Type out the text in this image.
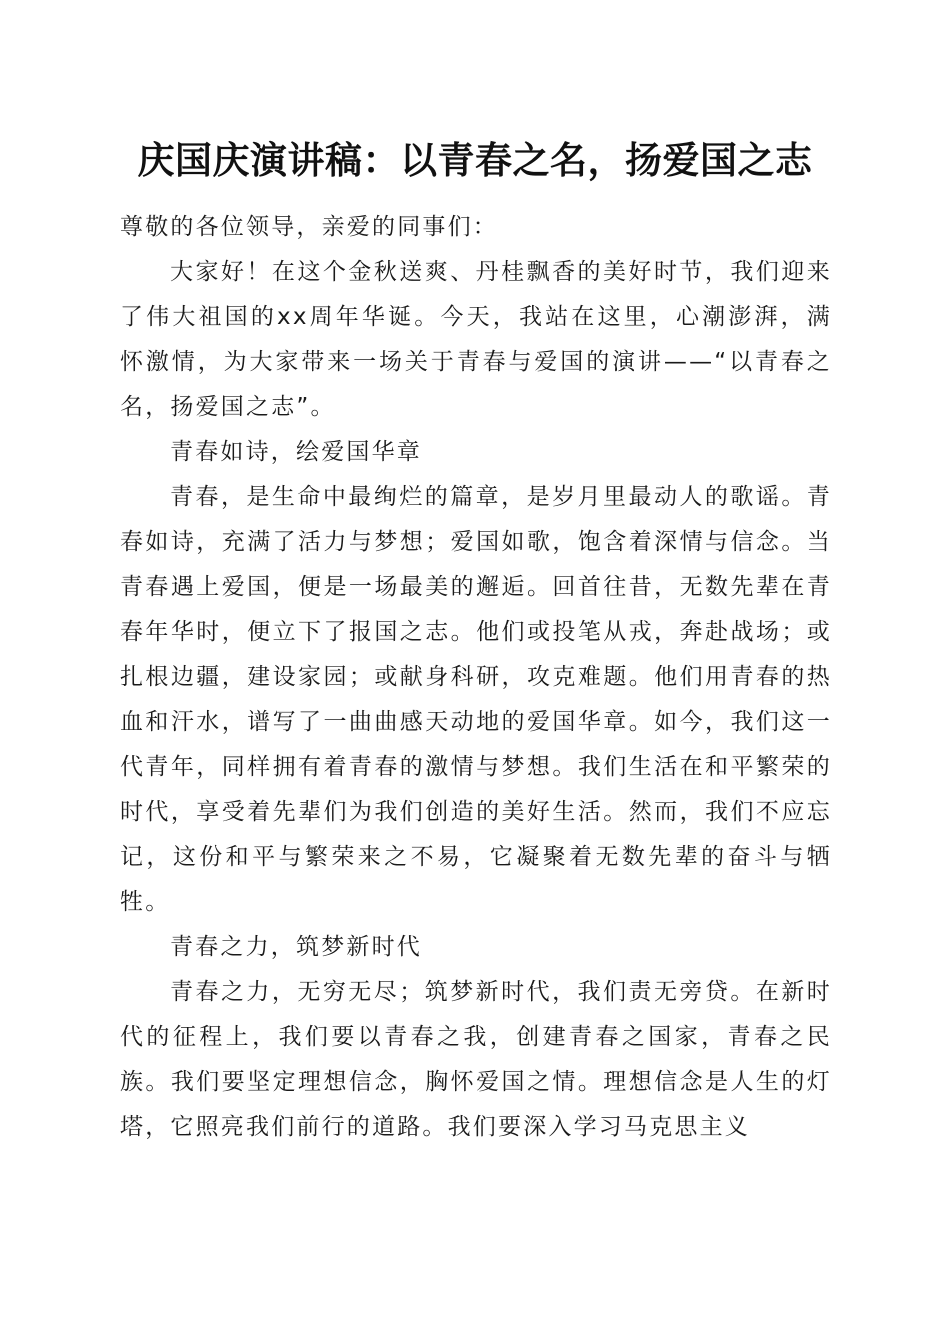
庆国庆演讲稿：以青春之名，扬爱国之志

尊敬的各位领导，亲爱的同事们：

大家好！在这个金秋送爽、丹桂飘香的美好时节，我们迎来了伟大祖国的xx周年华诞。今天，我站在这里，心潮澎湃，满怀激情，为大家带来一场关于青春与爱国的演讲——“以青春之名，扬爱国之志”。

青春如诗，绘爱国华章

青春，是生命中最绚烂的篇章，是岁月里最动人的歌谣。青春如诗，充满了活力与梦想；爱国如歌，饱含着深情与信念。当青春遇上爱国，便是一场最美的邂逅。回首往昔，无数先辈在青春年华时，便立下了报国之志。他们或投笔从戎，奔赴战场；或扎根边疆，建设家园；或献身科研，攻克难题。他们用青春的热血和汗水，谱写了一曲曲感天动地的爱国华章。如今，我们这一代青年，同样拥有着青春的激情与梦想。我们生活在和平繁荣的时代，享受着先辈们为我们创造的美好生活。然而，我们不应忘记，这份和平与繁荣来之不易，它凝聚着无数先辈的奋斗与牺牲。

青春之力，筑梦新时代

青春之力，无穷无尽；筑梦新时代，我们责无旁贷。在新时代的征程上，我们要以青春之我，创建青春之国家，青春之民族。我们要坚定理想信念，胸怀爱国之情。理想信念是人生的灯塔，它照亮我们前行的道路。我们要深入学习马克思主义
